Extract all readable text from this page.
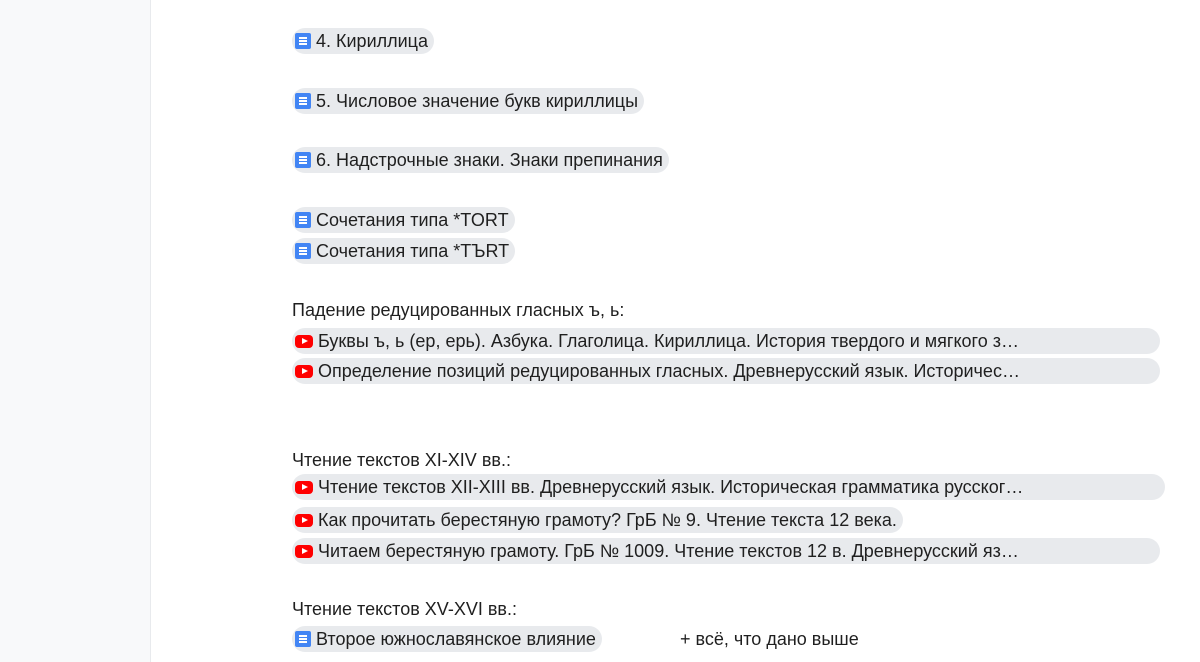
4. Кириллица
5. Числовое значение букв кириллицы
6. Надстрочные знаки. Знаки препинания
Сочетания типа *TORT
Сочетания типа *TЪRT
Падение редуцированных гласных ъ, ь:
Буквы ъ, ь (ер, ерь). Азбука. Глаголица. Кириллица. История твердого и мягкого з…
Определение позиций редуцированных гласных. Древнерусский язык. Историчес…
Чтение текстов XI-XIV вв.:
Чтение текстов XII-XIII вв. Древнерусский язык. Историческая грамматика русског…
Как прочитать берестяную грамоту? ГрБ № 9. Чтение текста 12 века.
Читаем берестяную грамоту. ГрБ № 1009. Чтение текстов 12 в. Древнерусский яз…
Чтение текстов XV-XVI вв.:
Второе южнославянское влияние	+ всё, что дано выше
